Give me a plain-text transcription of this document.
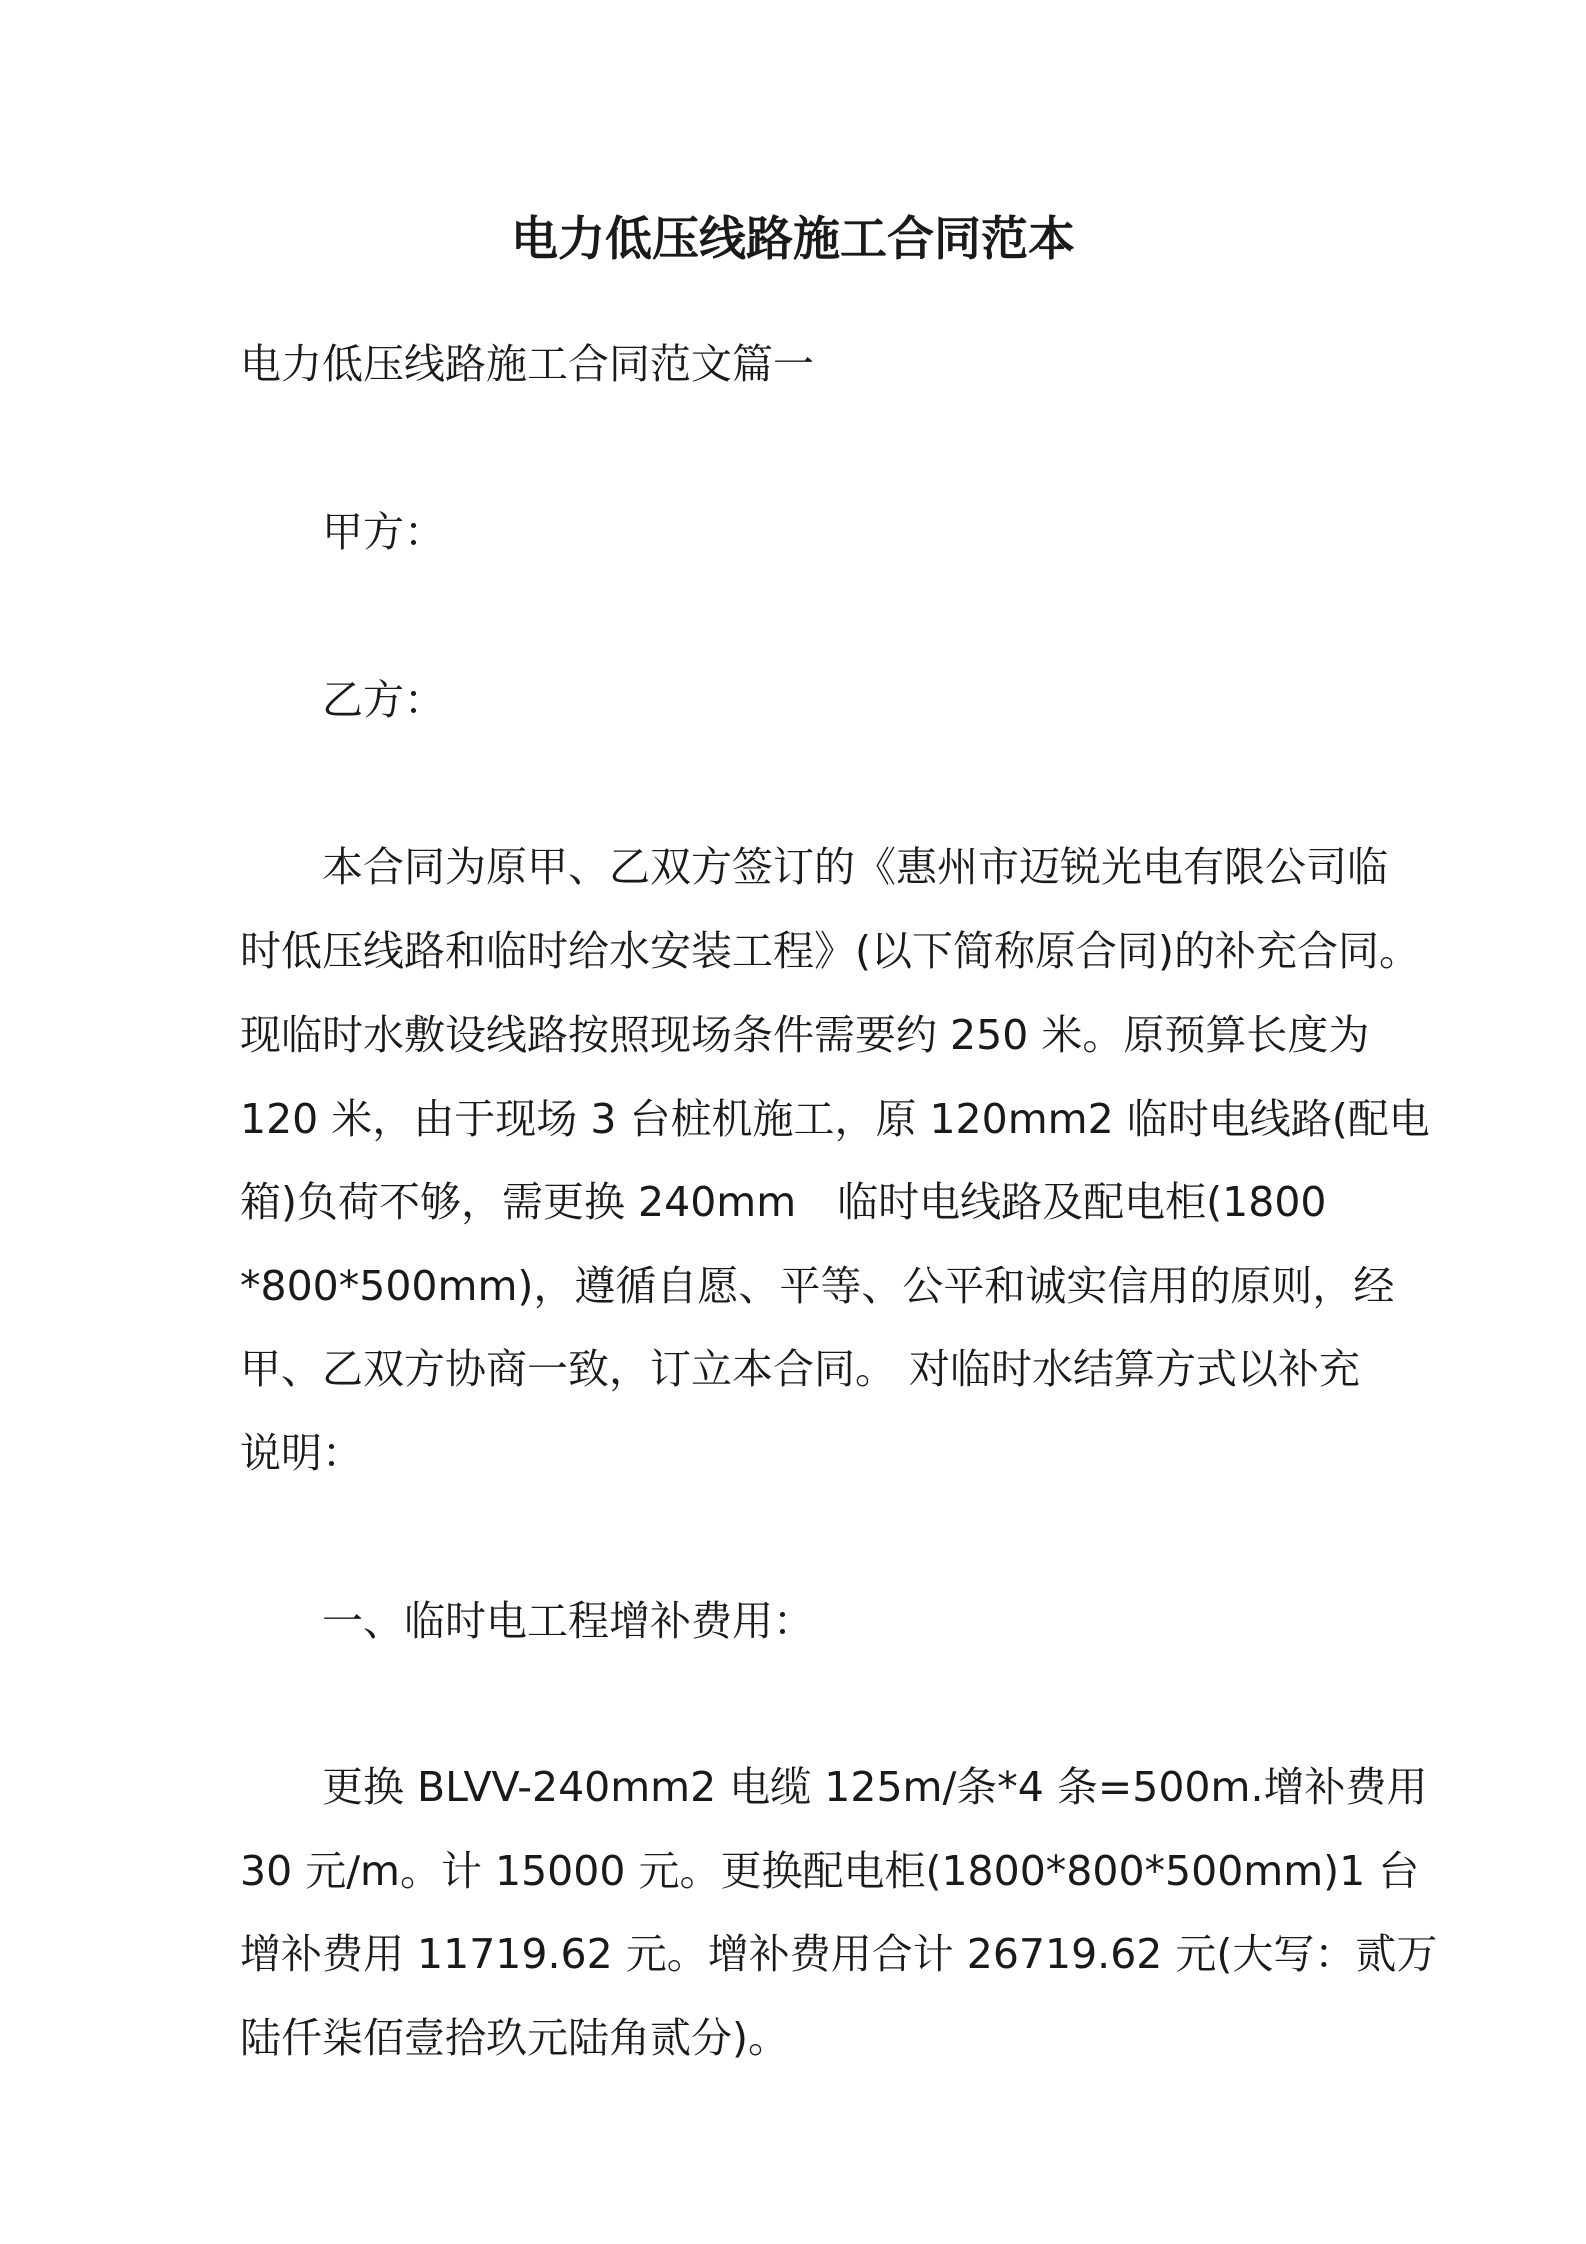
电力低压线路施工合同范本
电力低压线路施工合同范文篇一
甲方：
乙方：
本合同为原甲、乙双方签订的《惠州市迈锐光电有限公司临
时低压线路和临时给水安装工程》(以下简称原合同)的补充合同。
现临时水敷设线路按照现场条件需要约 250 米。原预算长度为
120 米，由于现场 3 台桩机施工，原 120mm2 临时电线路(配电
箱)负荷不够，需更换 240mm　临时电线路及配电柜(1800
*800*500mm)，遵循自愿、平等、公平和诚实信用的原则，经
甲、乙双方协商一致，订立本合同。 对临时水结算方式以补充
说明：
一、临时电工程增补费用：
更换 BLVV-240mm2 电缆 125m/条*4 条=500m.增补费用
30 元/m。计 15000 元。更换配电柜(1800*800*500mm)1 台
增补费用 11719.62 元。增补费用合计 26719.62 元(大写：贰万
陆仟柒佰壹拾玖元陆角贰分)。
